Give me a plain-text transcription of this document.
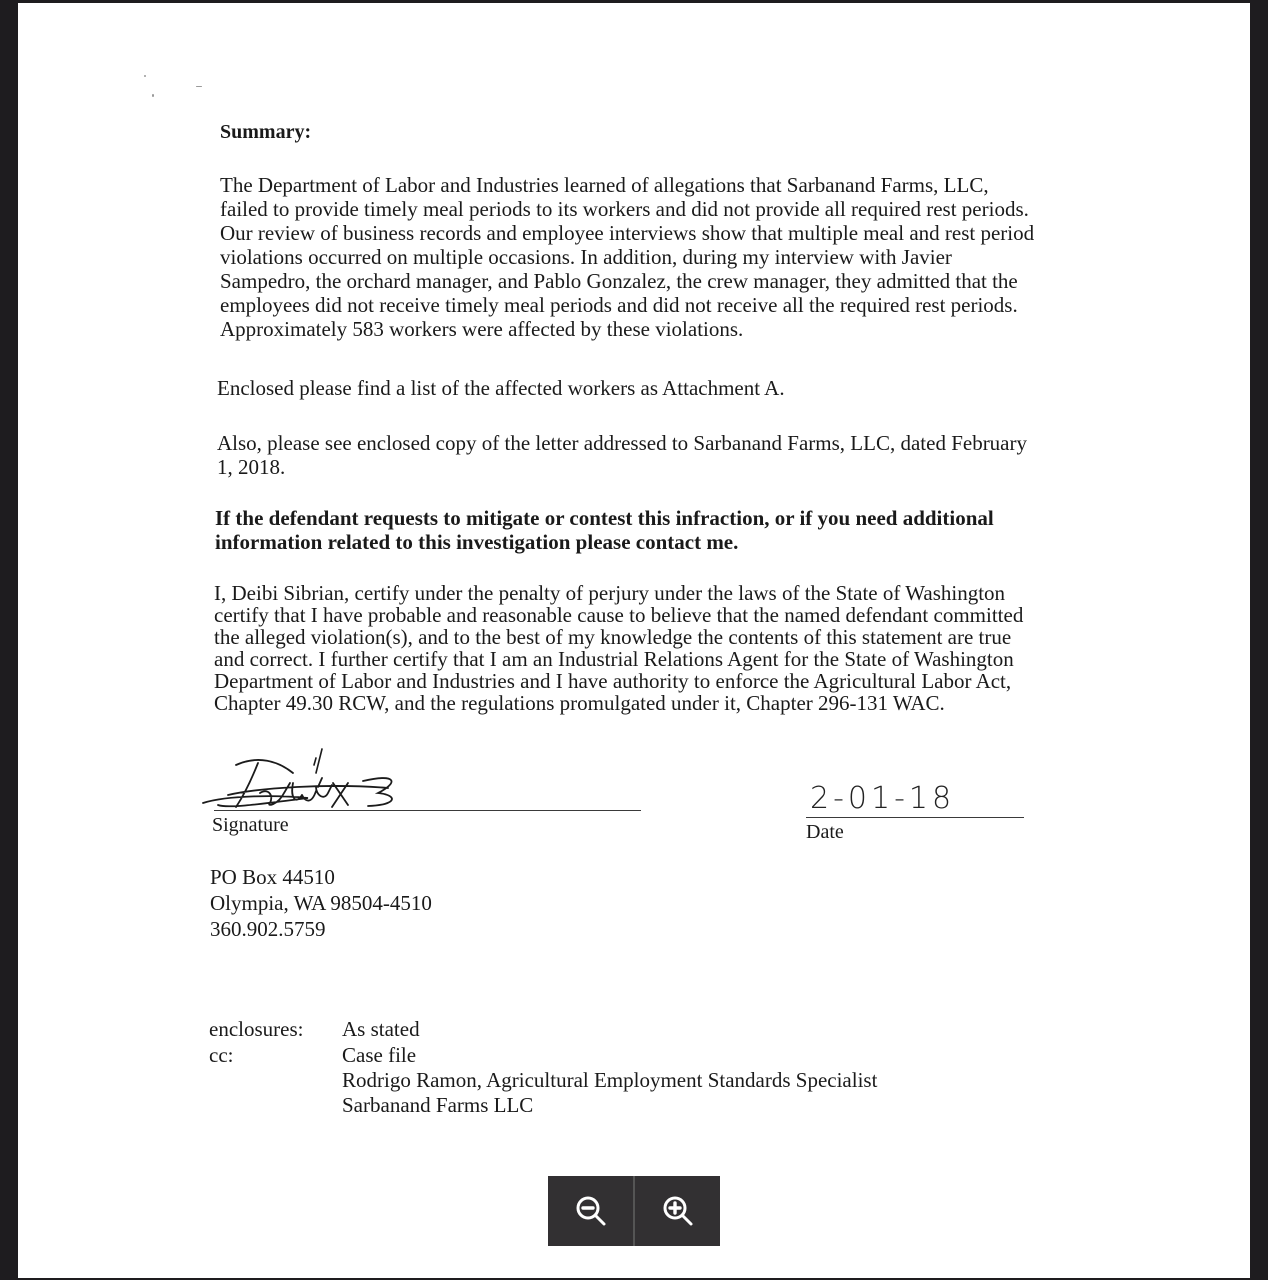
Summary:
The Department of Labor and Industries learned of allegations that Sarbanand Farms, LLC,
failed to provide timely meal periods to its workers and did not provide all required rest periods.
Our review of business records and employee interviews show that multiple meal and rest period
violations occurred on multiple occasions. In addition, during my interview with Javier
Sampedro, the orchard manager, and Pablo Gonzalez, the crew manager, they admitted that the
employees did not receive timely meal periods and did not receive all the required rest periods.
Approximately 583 workers were affected by these violations.
Enclosed please find a list of the affected workers as Attachment A.
Also, please see enclosed copy of the letter addressed to Sarbanand Farms, LLC, dated February
1, 2018.
If the defendant requests to mitigate or contest this infraction, or if you need additional
information related to this investigation please contact me.
I, Deibi Sibrian, certify under the penalty of perjury under the laws of the State of Washington
certify that I have probable and reasonable cause to believe that the named defendant committed
the alleged violation(s), and to the best of my knowledge the contents of this statement are true
and correct. I further certify that I am an Industrial Relations Agent for the State of Washington
Department of Labor and Industries and I have authority to enforce the Agricultural Labor Act,
Chapter 49.30 RCW, and the regulations promulgated under it, Chapter 296-131 WAC.
Signature
2-01-18
Date
PO Box 44510
Olympia, WA 98504-4510
360.902.5759
enclosures: As stated
cc:	Case file
Rodrigo Ramon, Agricultural Employment Standards Specialist
Sarbanand Farms LLC
